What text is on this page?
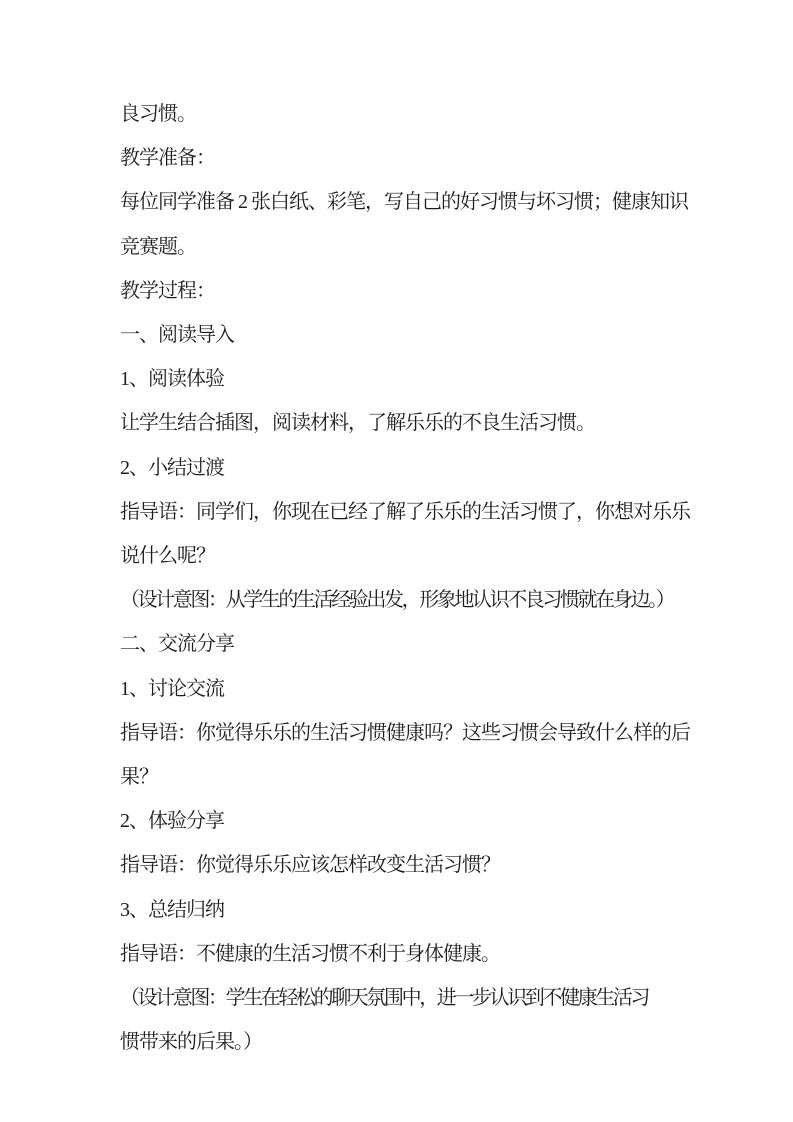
良习惯。

教学准备：

每位同学准备 2 张白纸、彩笔，写自己的好习惯与坏习惯；健康知识

竞赛题。

教学过程：

一、阅读导入

1、阅读体验

让学生结合插图，阅读材料，了解乐乐的不良生活习惯。

2、小结过渡

指导语：同学们，你现在已经了解了乐乐的生活习惯了，你想对乐乐

说什么呢？

（设计意图：从学生的生活经验出发，形象地认识不良习惯就在身边。）

二、交流分享

1、讨论交流

指导语：你觉得乐乐的生活习惯健康吗？这些习惯会导致什么样的后

果？

2、体验分享

指导语：你觉得乐乐应该怎样改变生活习惯？

3、总结归纳

指导语：不健康的生活习惯不利于身体健康。

（设计意图：学生在轻松的聊天氛围中，进一步认识到不健康生活习

惯带来的后果。）
